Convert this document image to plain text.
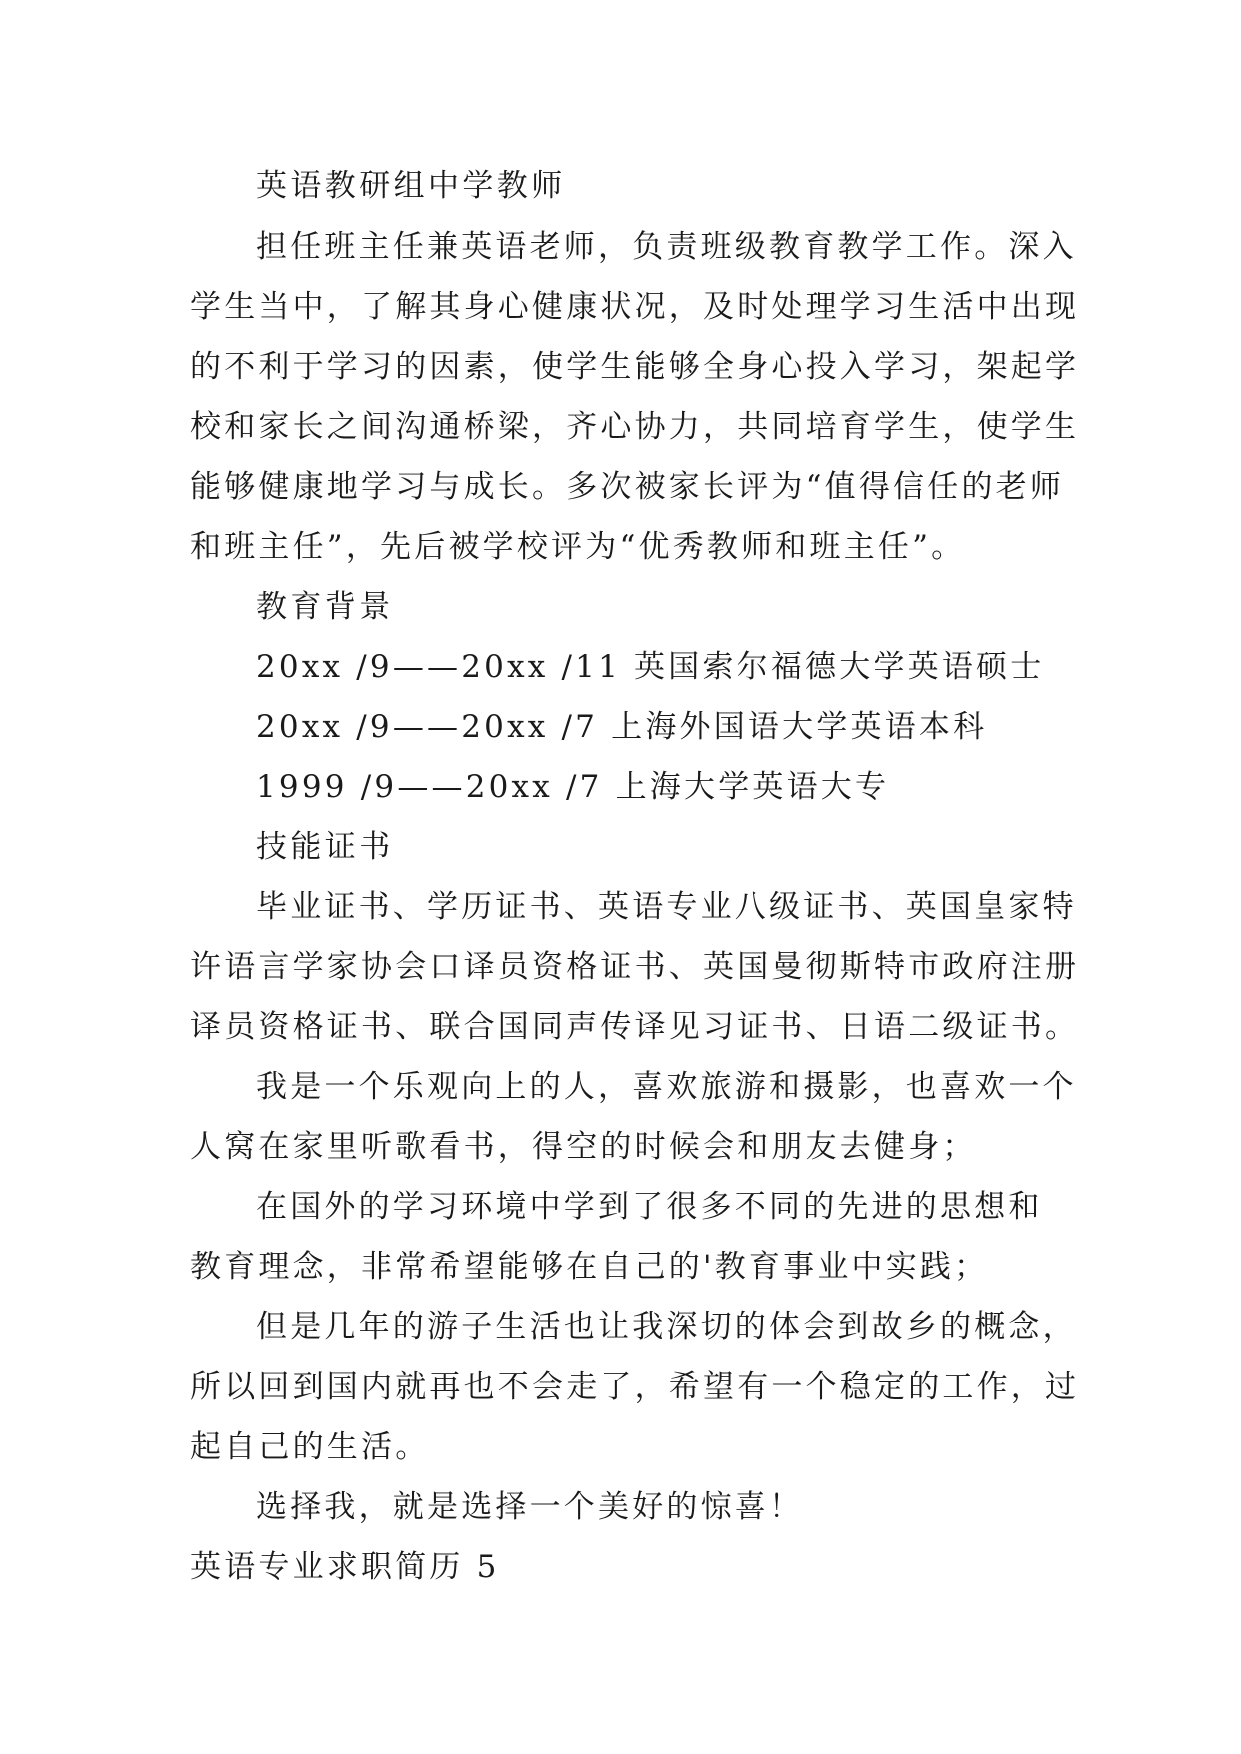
英语教研组中学教师
担任班主任兼英语老师，负责班级教育教学工作。深入
学生当中，了解其身心健康状况，及时处理学习生活中出现
的不利于学习的因素，使学生能够全身心投入学习，架起学
校和家长之间沟通桥梁，齐心协力，共同培育学生，使学生
能够健康地学习与成长。多次被家长评为“值得信任的老师
和班主任”，先后被学校评为“优秀教师和班主任”。
教育背景
20xx /9——20xx /11 英国索尔福德大学英语硕士
20xx /9——20xx /7 上海外国语大学英语本科
1999 /9——20xx /7 上海大学英语大专
技能证书
毕业证书、学历证书、英语专业八级证书、英国皇家特
许语言学家协会口译员资格证书、英国曼彻斯特市政府注册
译员资格证书、联合国同声传译见习证书、日语二级证书。
我是一个乐观向上的人，喜欢旅游和摄影，也喜欢一个
人窝在家里听歌看书，得空的时候会和朋友去健身；
在国外的学习环境中学到了很多不同的先进的思想和
教育理念，非常希望能够在自己的'教育事业中实践；
但是几年的游子生活也让我深切的体会到故乡的概念，
所以回到国内就再也不会走了，希望有一个稳定的工作，过
起自己的生活。
选择我，就是选择一个美好的惊喜！
英语专业求职简历 5
